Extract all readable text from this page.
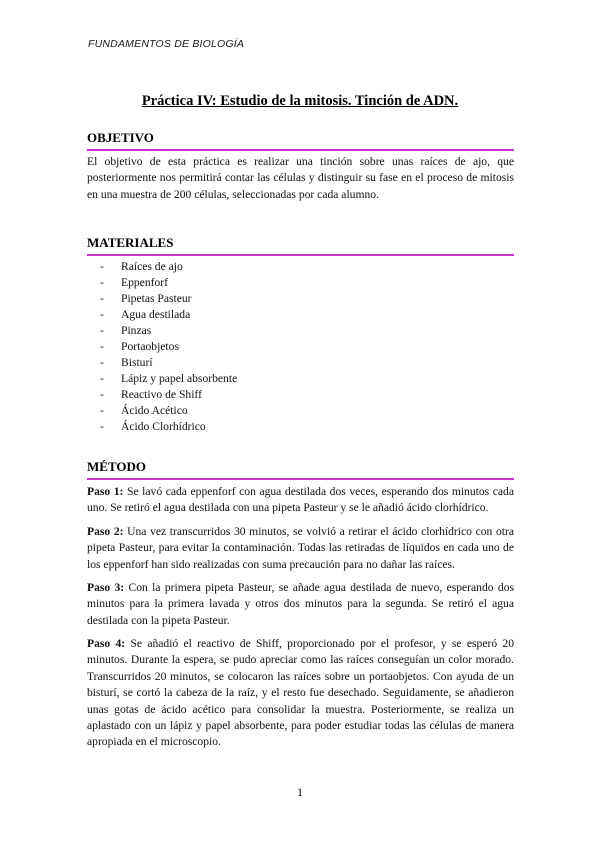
FUNDAMENTOS DE BIOLOGÍA
Práctica IV: Estudio de la mitosis. Tinción de ADN.
OBJETIVO
El objetivo de esta práctica es realizar una tinción sobre unas raíces de ajo, que posteriormente nos permitirá contar las células y distinguir su fase en el proceso de mitosis en una muestra de 200 células, seleccionadas por cada alumno.
MATERIALES
- Raíces de ajo
- Eppenforf
- Pipetas Pasteur
- Agua destilada
- Pinzas
- Portaobjetos
- Bisturí
- Lápiz y papel absorbente
- Reactivo de Shiff
- Ácido Acético
- Ácido Clorhídrico
MÉTODO
Paso 1: Se lavó cada eppenforf con agua destilada dos veces, esperando dos minutos cada uno. Se retiró el agua destilada con una pipeta Pasteur y se le añadió ácido clorhídrico.
Paso 2: Una vez transcurridos 30 minutos, se volvió a retirar el ácido clorhídrico con otra pipeta Pasteur, para evitar la contaminación. Todas las retiradas de líquidos en cada uno de los eppenforf han sido realizadas con suma precaución para no dañar las raíces.
Paso 3: Con la primera pipeta Pasteur, se añade agua destilada de nuevo, esperando dos minutos para la primera lavada y otros dos minutos para la segunda. Se retiró el agua destilada con la pipeta Pasteur.
Paso 4: Se añadió el reactivo de Shiff, proporcionado por el profesor, y se esperó 20 minutos. Durante la espera, se pudo apreciar como las raíces conseguían un color morado. Transcurridos 20 minutos, se colocaron las raíces sobre un portaobjetos. Con ayuda de un bisturí, se cortó la cabeza de la raíz, y el resto fue desechado. Seguidamente, se añadieron unas gotas de ácido acético para consolidar la muestra. Posteriormente, se realiza un aplastado con un lápiz y papel absorbente, para poder estudiar todas las células de manera apropiada en el microscopio.
1
